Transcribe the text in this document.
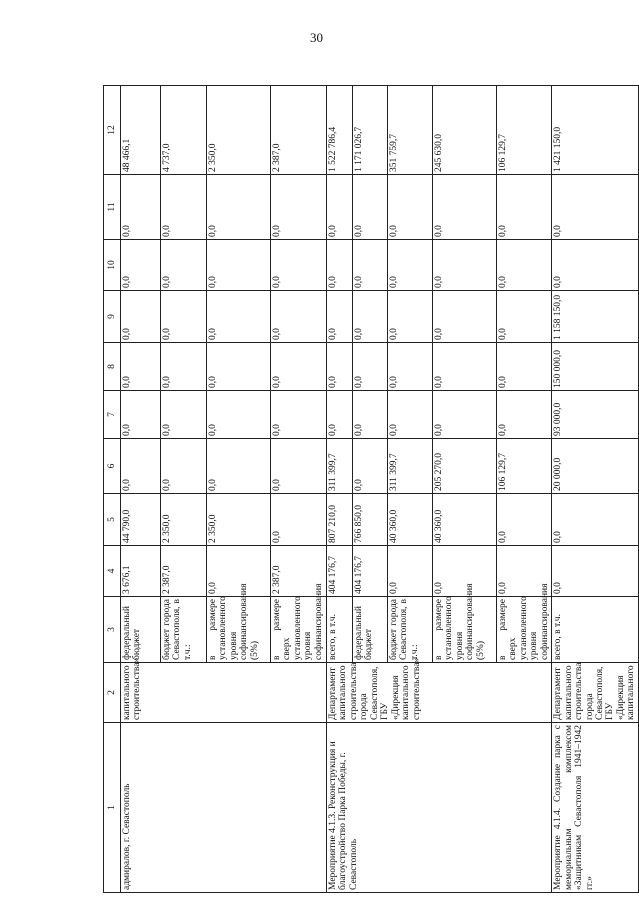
30
1	2	3	4	5	6	7	8	9	10	11	12
адмиралов, г. Севастополь	капитального строительства»	федеральный бюджет	3 676,1	44 790,0	0,0	0,0	0,0	0,0	0,0	0,0	48 466,1
		бюджет города Севастополя, в т.ч.:	2 387,0	2 350,0	0,0	0,0	0,0	0,0	0,0	0,0	4 737,0
		в размере установленного уровня софинансирования (5%)	0,0	2 350,0	0,0	0,0	0,0	0,0	0,0	0,0	2 350,0
		в размере сверх установленного уровня софинансирования	2 387,0	0,0	0,0	0,0	0,0	0,0	0,0	0,0	2 387,0
Мероприятие 4.1.3. Реконструкция и благоустройство Парка Победы, г. Севастополь	Департамент капитального строительства города Севастополя, ГБУ «Дирекция капитального строительства»	всего, в т.ч.	404 176,7	807 210,0	311 399,7	0,0	0,0	0,0	0,0	0,0	1 522 786,4
		федеральный бюджет	404 176,7	766 850,0	0,0	0,0	0,0	0,0	0,0	0,0	1 171 026,7
		бюджет города Севастополя, в т.ч.:	0,0	40 360,0	311 399,7	0,0	0,0	0,0	0,0	0,0	351 759,7
		в размере установленного уровня софинансирования (5%)	0,0	40 360,0	205 270,0	0,0	0,0	0,0	0,0	0,0	245 630,0
		в размере сверх установленного уровня софинансирования	0,0	0,0	106 129,7	0,0	0,0	0,0	0,0	0,0	106 129,7
Мероприятие 4.1.4. Создание парка с мемориальным комплексом «Защитникам Севастополя 1941–1942 гг.»	Департамент капитального строительства города Севастополя, ГБУ «Дирекция капитального	всего, в т.ч.	0,0	0,0	20 000,0	93 000,0	150 000,0	1 158 150,0	0,0	0,0	1 421 150,0
